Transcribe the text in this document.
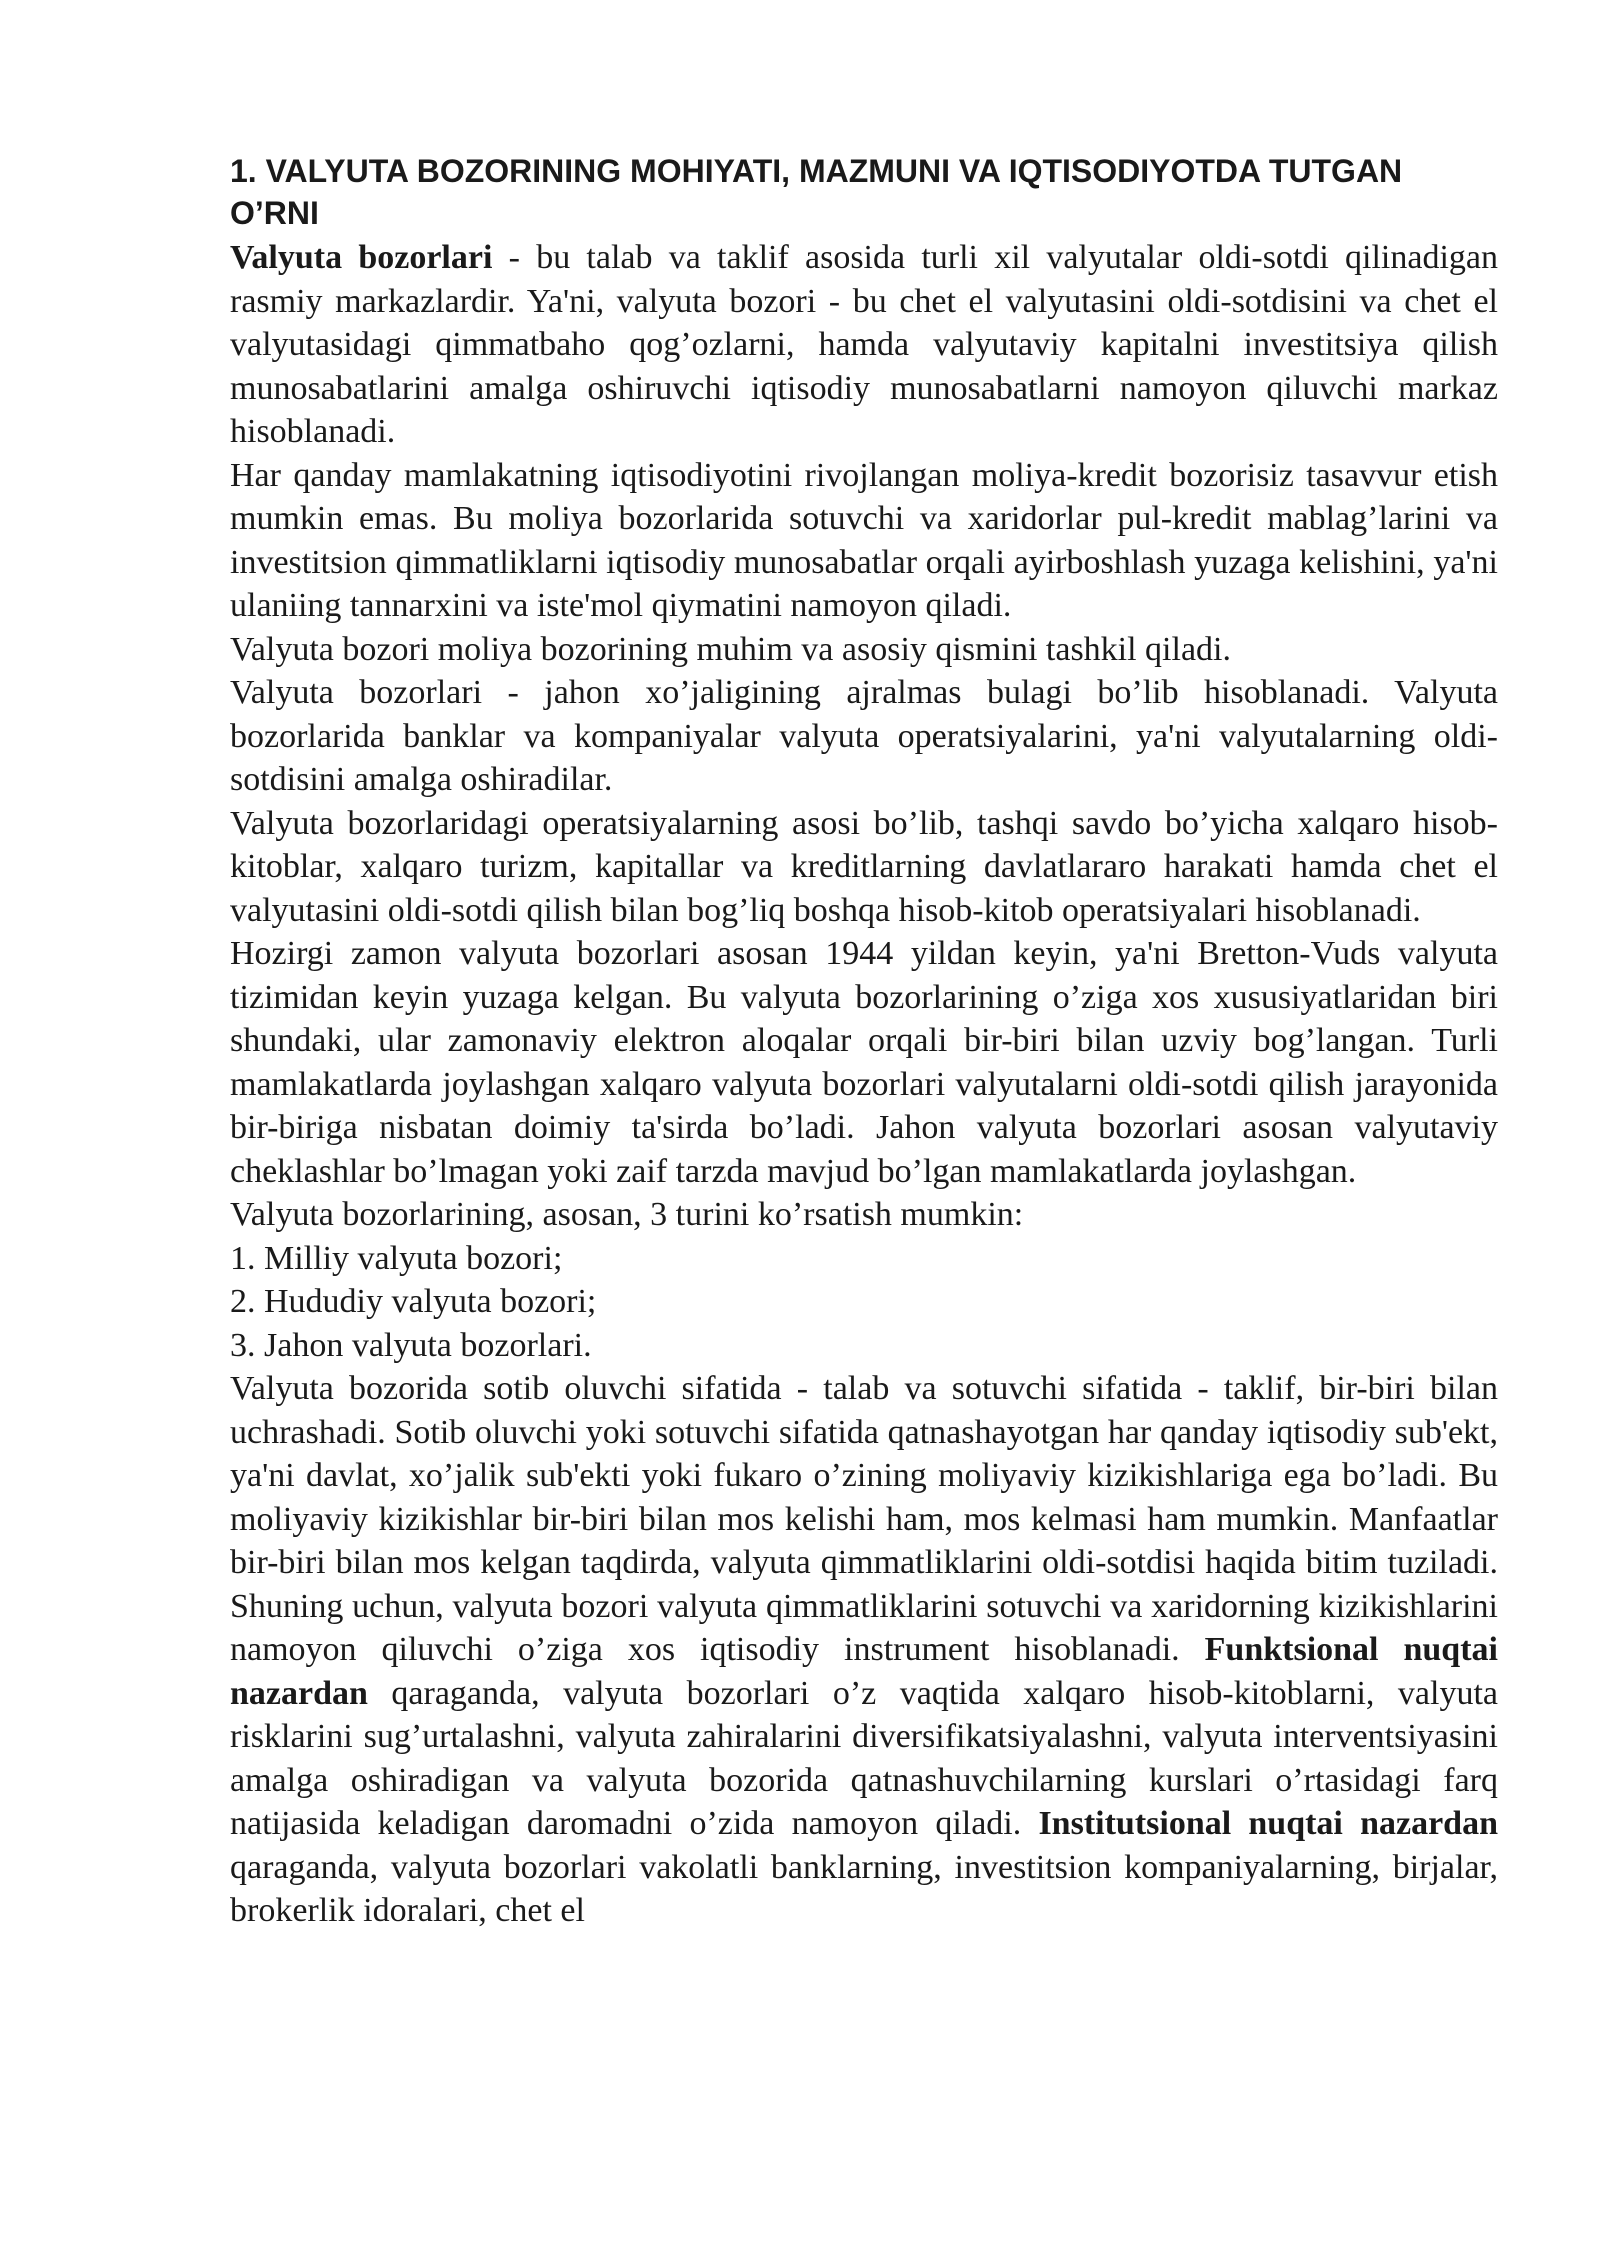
1. VALYUTA BOZORINING MOHIYATI, MAZMUNI VA IQTISODIYOTDA TUTGAN O’RNI

Valyuta bozorlari - bu talab va taklif asosida turli xil valyutalar oldi-sotdi qilinadigan rasmiy markazlardir. Ya'ni, valyuta bozori - bu chet el valyutasini oldi-sotdisini va chet el valyutasidagi qimmatbaho qog’ozlarni, hamda valyutaviy kapitalni investitsiya qilish munosabatlarini amalga oshiruvchi iqtisodiy munosabatlarni namoyon qiluvchi markaz hisoblanadi.

Har qanday mamlakatning iqtisodiyotini rivojlangan moliya-kredit bozorisiz tasavvur etish mumkin emas. Bu moliya bozorlarida sotuvchi va xaridorlar pul-kredit mablag’larini va investitsion qimmatliklarni iqtisodiy munosabatlar orqali ayirboshlash yuzaga kelishini, ya'ni ulaniing tannarxini va iste'mol qiymatini namoyon qiladi.

Valyuta bozori moliya bozorining muhim va asosiy qismini tashkil qiladi.

Valyuta bozorlari - jahon xo’jaligining ajralmas bulagi bo’lib hisoblanadi. Valyuta bozorlarida banklar va kompaniyalar valyuta operatsiyalarini, ya'ni valyutalarning oldi-sotdisini amalga oshiradilar.

Valyuta bozorlaridagi operatsiyalarning asosi bo’lib, tashqi savdo bo’yicha xalqaro hisob-kitoblar, xalqaro turizm, kapitallar va kreditlarning davlatlararo harakati hamda chet el valyutasini oldi-sotdi qilish bilan bog’liq boshqa hisob-kitob operatsiyalari hisoblanadi.

Hozirgi zamon valyuta bozorlari asosan 1944 yildan keyin, ya'ni Bretton-Vuds valyuta tizimidan keyin yuzaga kelgan. Bu valyuta bozorlarining o’ziga xos xususiyatlaridan biri shundaki, ular zamonaviy elektron aloqalar orqali bir-biri bilan uzviy bog’langan. Turli mamlakatlarda joylashgan xalqaro valyuta bozorlari valyutalarni oldi-sotdi qilish jarayonida bir-biriga nisbatan doimiy ta'sirda bo’ladi. Jahon valyuta bozorlari asosan valyutaviy cheklashlar bo’lmagan yoki zaif tarzda mavjud bo’lgan mamlakatlarda joylashgan.

Valyuta bozorlarining, asosan, 3 turini ko’rsatish mumkin:

1. Milliy valyuta bozori;

2. Hududiy valyuta bozori;

3. Jahon valyuta bozorlari.

Valyuta bozorida sotib oluvchi sifatida - talab va sotuvchi sifatida - taklif, bir-biri bilan uchrashadi. Sotib oluvchi yoki sotuvchi sifatida qatnashayotgan har qanday iqtisodiy sub'ekt, ya'ni davlat, xo’jalik sub'ekti yoki fukaro o’zining moliyaviy kizikishlariga ega bo’ladi. Bu moliyaviy kizikishlar bir-biri bilan mos kelishi ham, mos kelmasi ham mumkin. Manfaatlar bir-biri bilan mos kelgan taqdirda, valyuta qimmatliklarini oldi-sotdisi haqida bitim tuziladi. Shuning uchun, valyuta bozori valyuta qimmatliklarini sotuvchi va xaridorning kizikishlarini namoyon qiluvchi o’ziga xos iqtisodiy instrument hisoblanadi. Funktsional nuqtai nazardan qaraganda, valyuta bozorlari o’z vaqtida xalqaro hisob-kitoblarni, valyuta risklarini sug’urtalashni, valyuta zahiralarini diversifikatsiyalashni, valyuta interventsiyasini amalga oshiradigan va valyuta bozorida qatnashuvchilarning kurslari o’rtasidagi farq natijasida keladigan daromadni o’zida namoyon qiladi. Institutsional nuqtai nazardan qaraganda, valyuta bozorlari vakolatli banklarning, investitsion kompaniyalarning, birjalar, brokerlik idoralari, chet el
